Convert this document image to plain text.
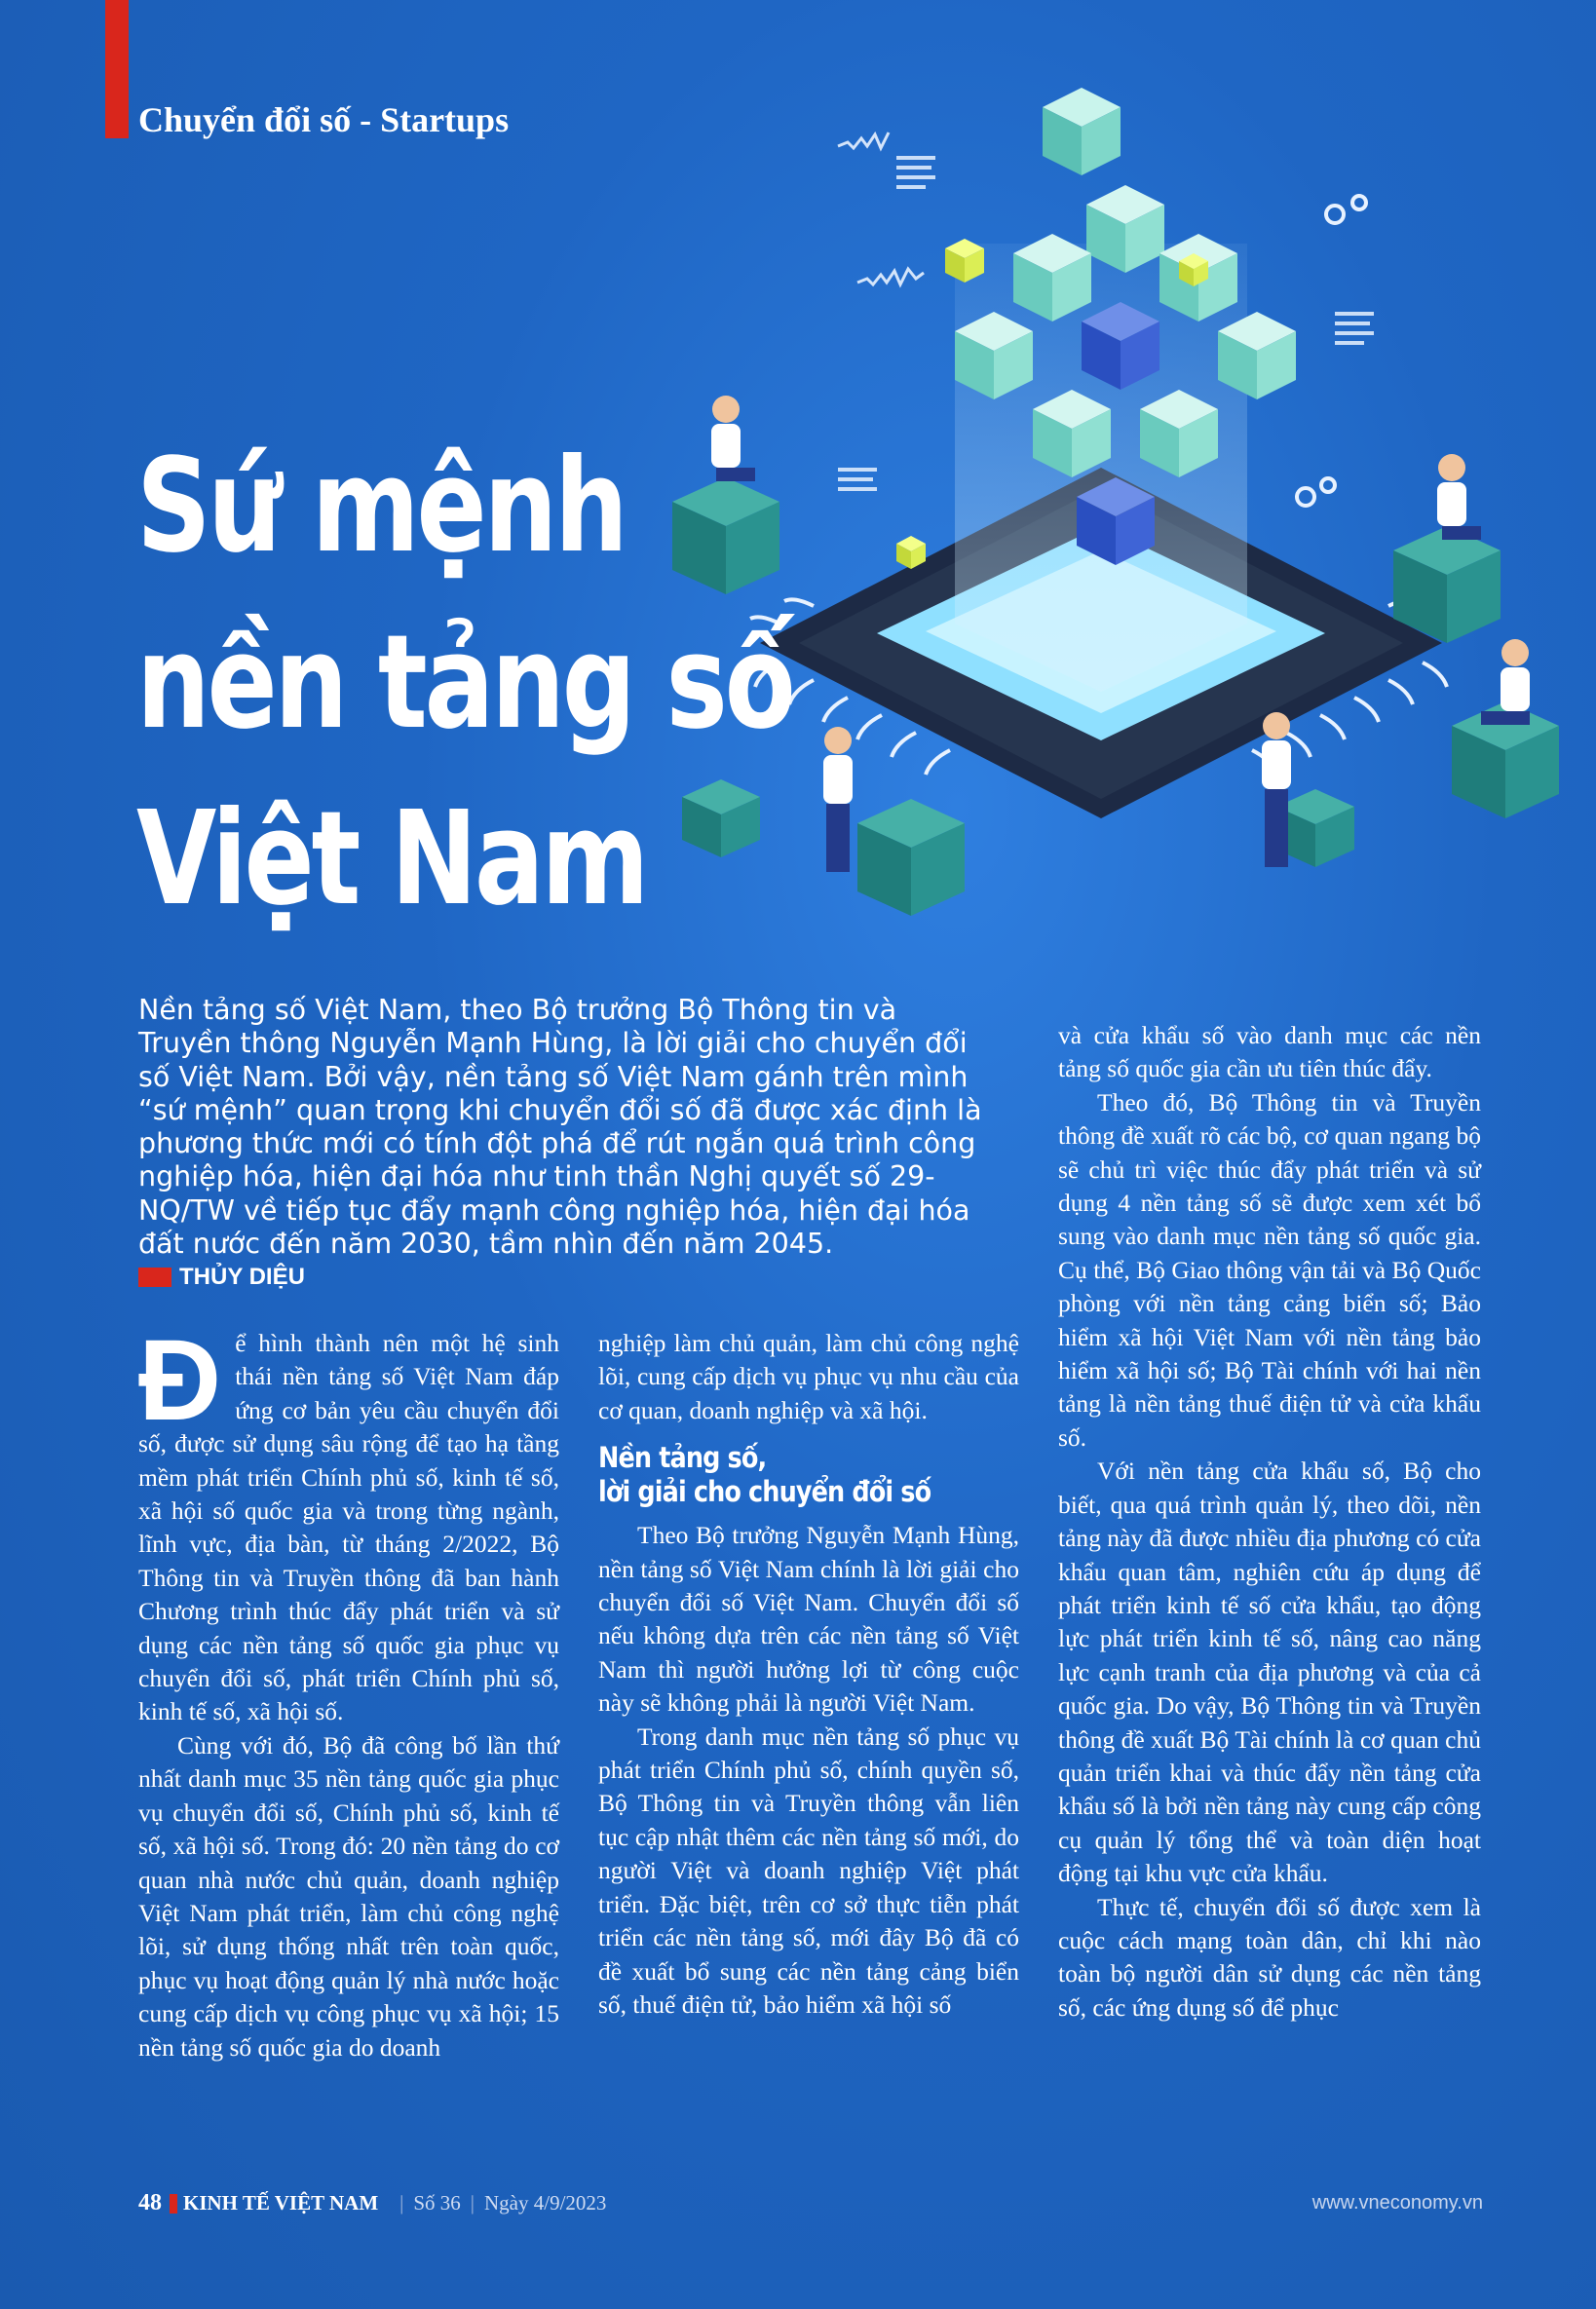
Chuyển đổi số - Startups
Sứ mệnh
nền tảng số
Việt Nam

Nền tảng số Việt Nam, theo Bộ trưởng Bộ Thông tin và Truyền thông Nguyễn Mạnh Hùng, là lời giải cho chuyển đổi số Việt Nam. Bởi vậy, nền tảng số Việt Nam gánh trên mình “sứ mệnh” quan trọng khi chuyển đổi số đã được xác định là phương thức mới có tính đột phá để rút ngắn quá trình công nghiệp hóa, hiện đại hóa như tinh thần Nghị quyết số 29-NQ/TW về tiếp tục đẩy mạnh công nghiệp hóa, hiện đại hóa đất nước đến năm 2030, tầm nhìn đến năm 2045.

THỦY DIỆU
Đ ể hình thành nên một hệ sinh thái nền tảng số Việt Nam đáp ứng cơ bản yêu cầu chuyển đổi số, được sử dụng sâu rộng để tạo hạ tầng mềm phát triển Chính phủ số, kinh tế số, xã hội số quốc gia và trong từng ngành, lĩnh vực, địa bàn, từ tháng 2/2022, Bộ Thông tin và Truyền thông đã ban hành Chương trình thúc đẩy phát triển và sử dụng các nền tảng số quốc gia phục vụ chuyển đổi số, phát triển Chính phủ số, kinh tế số, xã hội số.

Cùng với đó, Bộ đã công bố lần thứ nhất danh mục 35 nền tảng quốc gia phục vụ chuyển đổi số, Chính phủ số, kinh tế số, xã hội số. Trong đó: 20 nền tảng do cơ quan nhà nước chủ quản, doanh nghiệp Việt Nam phát triển, làm chủ công nghệ lõi, sử dụng thống nhất trên toàn quốc, phục vụ hoạt động quản lý nhà nước hoặc cung cấp dịch vụ công phục vụ xã hội; 15 nền tảng số quốc gia do doanh

nghiệp làm chủ quản, làm chủ công nghệ lõi, cung cấp dịch vụ phục vụ nhu cầu của cơ quan, doanh nghiệp và xã hội.

Nền tảng số,
lời giải cho chuyển đổi số

Theo Bộ trưởng Nguyễn Mạnh Hùng, nền tảng số Việt Nam chính là lời giải cho chuyển đổi số Việt Nam. Chuyển đổi số nếu không dựa trên các nền tảng số Việt Nam thì người hưởng lợi từ công cuộc này sẽ không phải là người Việt Nam.

Trong danh mục nền tảng số phục vụ phát triển Chính phủ số, chính quyền số, Bộ Thông tin và Truyền thông vẫn liên tục cập nhật thêm các nền tảng số mới, do người Việt và doanh nghiệp Việt phát triển. Đặc biệt, trên cơ sở thực tiễn phát triển các nền tảng số, mới đây Bộ đã có đề xuất bổ sung các nền tảng cảng biển số, thuế điện tử, bảo hiểm xã hội số

và cửa khẩu số vào danh mục các nền tảng số quốc gia cần ưu tiên thúc đẩy.

Theo đó, Bộ Thông tin và Truyền thông đề xuất rõ các bộ, cơ quan ngang bộ sẽ chủ trì việc thúc đẩy phát triển và sử dụng 4 nền tảng số sẽ được xem xét bổ sung vào danh mục nền tảng số quốc gia. Cụ thể, Bộ Giao thông vận tải và Bộ Quốc phòng với nền tảng cảng biển số; Bảo hiểm xã hội Việt Nam với nền tảng bảo hiểm xã hội số; Bộ Tài chính với hai nền tảng là nền tảng thuế điện tử và cửa khẩu số.

Với nền tảng cửa khẩu số, Bộ cho biết, qua quá trình quản lý, theo dõi, nền tảng này đã được nhiều địa phương có cửa khẩu quan tâm, nghiên cứu áp dụng để phát triển kinh tế số cửa khẩu, tạo động lực phát triển kinh tế số, nâng cao năng lực cạnh tranh của địa phương và của cả quốc gia. Do vậy, Bộ Thông tin và Truyền thông đề xuất Bộ Tài chính là cơ quan chủ quản triển khai và thúc đẩy nền tảng cửa khẩu số là bởi nền tảng này cung cấp công cụ quản lý tổng thể và toàn diện hoạt động tại khu vực cửa khẩu.

Thực tế, chuyển đổi số được xem là cuộc cách mạng toàn dân, chỉ khi nào toàn bộ người dân sử dụng các nền tảng số, các ứng dụng số để phục

48 KINH TẾ VIỆT NAM | Số 36 | Ngày 4/9/2023	www.vneconomy.vn
